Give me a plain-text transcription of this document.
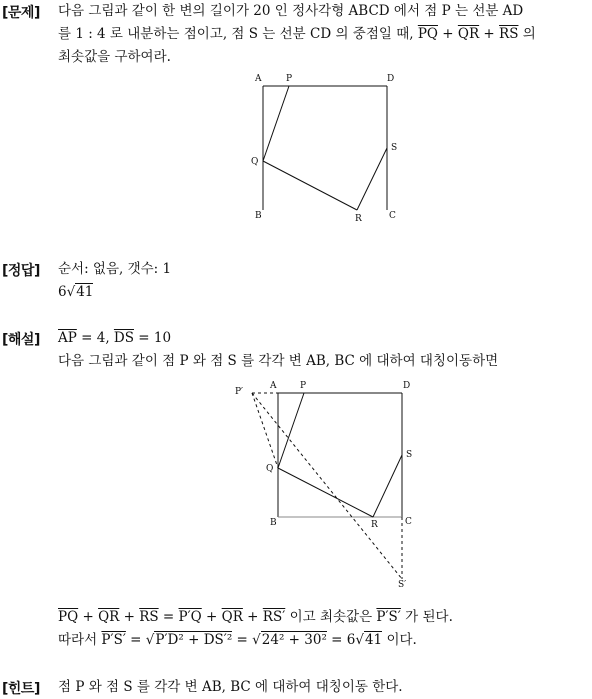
[문제] 다음 그림과 같이 한 변의 길이가 20 인 정사각형 ABCD 에서 점 P 는 선분 AD
를 1 : 4 로 내분하는 점이고, 점 S 는 선분 CD 의 중점일 때, $\overline{PQ} + \overline{QR} + \overline{RS}$ 의
최솟값을 구하여라.
A	P	D
Q
S
B	R	C
[정답] 순서: 없음, 갯수: 1
6√41
[해설] $\overline{AP} = 4$, $\overline{DS} = 10$
다음 그림과 같이 점 P 와 점 S 를 각각 변 AB, BC 에 대하여 대칭이동하면
P′
A	P	D
Q
S
B	R	C
S′
$\overline{PQ} + \overline{QR} + \overline{RS} = P'Q + \overline{QR} + RS'$ 이고 최솟값은 P′S′ 가 된다.
따라서 P′S′ = √P′D² + DS′² = √24² + 30² = 6√41 이다.
[힌트] 점 P 와 점 S 를 각각 변 AB, BC 에 대하여 대칭이동 한다.
